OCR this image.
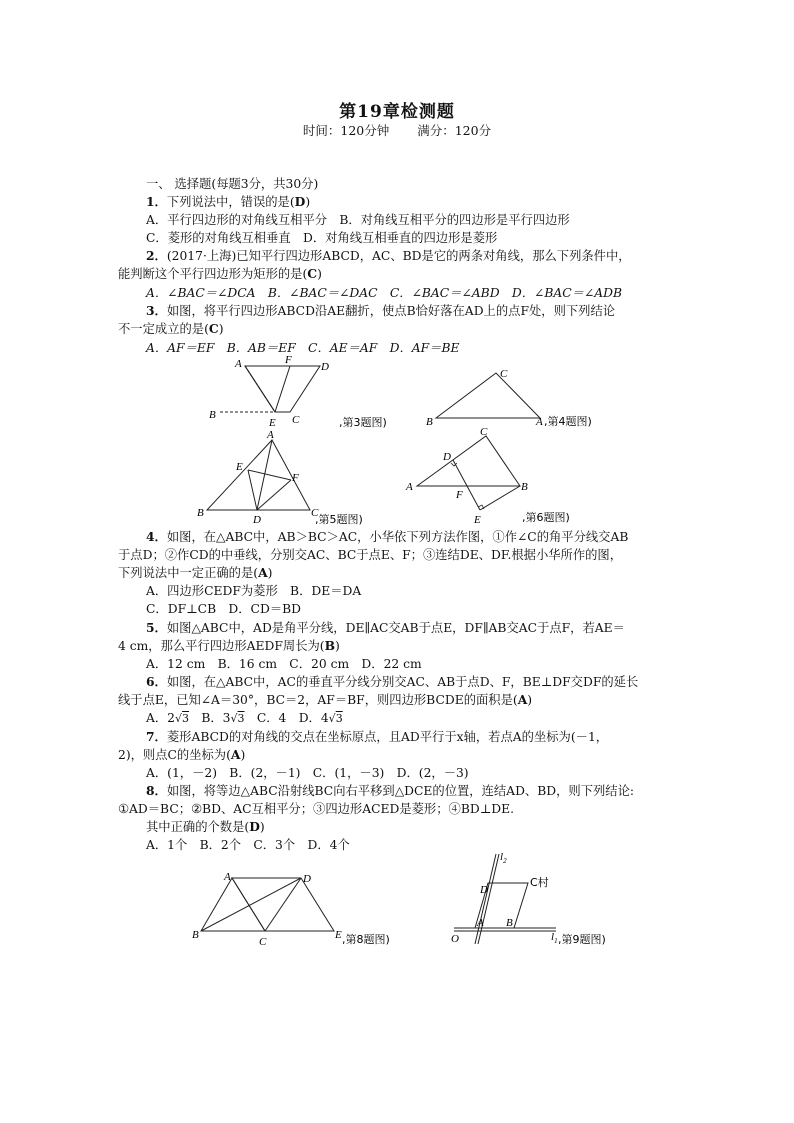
第19章检测题
时间：120分钟 满分：120分
一、 选择题(每题3分，共30分)
1．下列说法中，错误的是(D)
A．平行四边形的对角线互相平分　B．对角线互相平分的四边形是平行四边形
C．菱形的对角线互相垂直　D．对角线互相垂直的四边形是菱形
2．(2017·上海)已知平行四边形ABCD，AC、BD是它的两条对角线，那么下列条件中，
能判断这个平行四边形为矩形的是(C)
A．∠BAC＝∠DCA　B．∠BAC＝∠DAC　C．∠BAC＝∠ABD　D．∠BAC＝∠ADB
3．如图，将平行四边形ABCD沿AE翻折，使点B恰好落在AD上的点F处，则下列结论
不一定成立的是(C)
A．AF＝EF　B．AB＝EF　C．AE＝AF　D．AF＝BE
A	F
D
B
E C	,第3题图)	B
C
A ,第4题图)
A
E
F
B
D
C
,第5题图)
A
D
C
F
B
E	,第6题图)
4．如图，在△ABC中，AB＞BC＞AC，小华依下列方法作图，①作∠C的角平分线交AB
于点D；②作CD的中垂线，分别交AC、BC于点E、F；③连结DE、DF.根据小华所作的图，
下列说法中一定正确的是(A)
A．四边形CEDF为菱形　B．DE＝DA
C．DF⊥CB　D．CD＝BD
5．如图△ABC中，AD是角平分线，DE∥AC交AB于点E，DF∥AB交AC于点F，若AE＝
4 cm，那么平行四边形AEDF周长为(B)
A．12 cm　B．16 cm　C．20 cm　D．22 cm
6．如图，在△ABC中，AC的垂直平分线分别交AC、AB于点D、F，BE⊥DF交DF的延长
线于点E，已知∠A＝30°，BC＝2，AF＝BF，则四边形BCDE的面积是(A)
A．2√3　 B．3√3　 C．4　 D．4√3
7．菱形ABCD的对角线的交点在坐标原点，且AD平行于x轴，若点A的坐标为(－1，
2)，则点C的坐标为(A)
A．(1，－2)　B．(2，－1)　C．(1，－3)　D．(2，－3)
8．如图，将等边△ABC沿射线BC向右平移到△DCE的位置，连结AD、BD，则下列结论:
①AD＝BC；②BD、AC互相平分；③四边形ACED是菱形；④BD⊥DE.
其中正确的个数是(D)
A．1个　B．2个　C．3个　D．4个
A	D
B
C
E ,第8题图)
$l_2$
C村
D
B
A
O	$l_1$ ,第9题图)
